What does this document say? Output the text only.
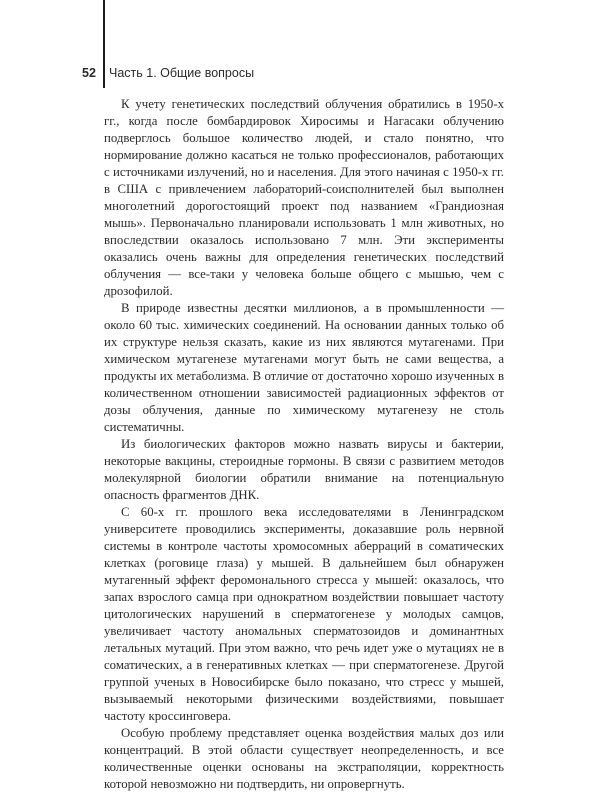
52	Часть 1. Общие вопросы

К учету генетических последствий облучения обратились в 1950-х гг., когда после бомбардировок Хиросимы и Нагасаки облучению подверглось большое количество людей, и стало понятно, что нормирование должно касаться не только профессионалов, работающих с источниками излучений, но и населения. Для этого начиная с 1950-х гг. в США с привлечением лабораторий-соисполнителей был выполнен многолетний дорогостоящий проект под названием «Грандиозная мышь». Первоначально планировали использовать 1 млн животных, но впоследствии оказалось использовано 7 млн. Эти эксперименты оказались очень важны для определения генетических последствий облучения — все-таки у человека больше общего с мышью, чем с дрозофилой.

В природе известны десятки миллионов, а в промышленности — около 60 тыс. химических соединений. На основании данных только об их структуре нельзя сказать, какие из них являются мутагенами. При химическом мутагенезе мутагенами могут быть не сами вещества, а продукты их метаболизма. В отличие от достаточно хорошо изученных в количественном отношении зависимостей радиационных эффектов от дозы облучения, данные по химическому мутагенезу не столь систематичны.

Из биологических факторов можно назвать вирусы и бактерии, некоторые вакцины, стероидные гормоны. В связи с развитием методов молекулярной биологии обратили внимание на потенциальную опасность фрагментов ДНК.

С 60-х гг. прошлого века исследователями в Ленинградском университете проводились эксперименты, доказавшие роль нервной системы в контроле частоты хромосомных аберраций в соматических клетках (роговице глаза) у мышей. В дальнейшем был обнаружен мутагенный эффект феромонального стресса у мышей: оказалось, что запах взрослого самца при однократном воздействии повышает частоту цитологических нарушений в сперматогенезе у молодых самцов, увеличивает частоту аномальных сперматозоидов и доминантных летальных мутаций. При этом важно, что речь идет уже о мутациях не в соматических, а в генеративных клетках — при сперматогенезе. Другой группой ученых в Новосибирске было показано, что стресс у мышей, вызываемый некоторыми физическими воздействиями, повышает частоту кроссинговера.

Особую проблему представляет оценка воздействия малых доз или концентраций. В этой области существует неопределенность, и все количественные оценки основаны на экстраполяции, корректность которой невозможно ни подтвердить, ни опровергнуть.
